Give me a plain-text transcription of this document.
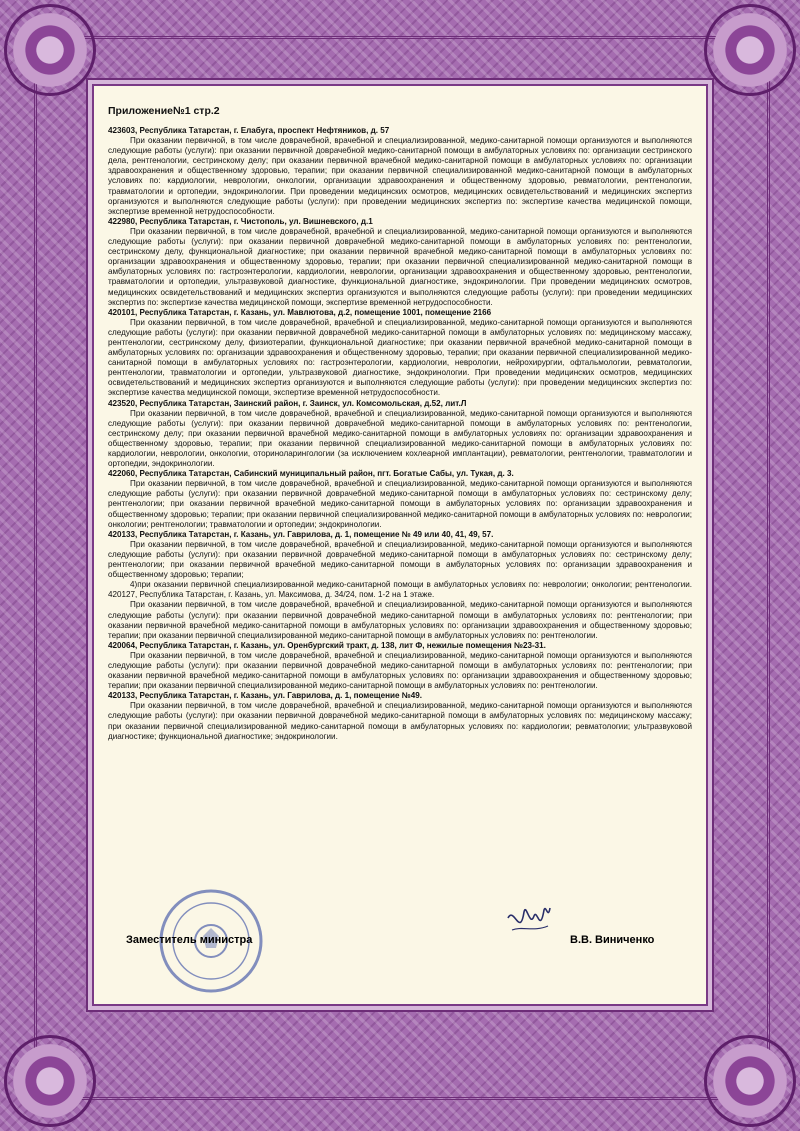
Приложение№1 стр.2

423603, Республика Татарстан, г. Елабуга, проспект Нефтяников, д. 57

При оказании первичной, в том числе доврачебной, врачебной и специализированной, медико-санитарной помощи организуются и выполняются следующие работы (услуги): при оказании первичной доврачебной медико-санитарной помощи в амбулаторных условиях по: организации сестринского дела, рентгенологии, сестринскому делу; при оказании первичной врачебной медико-санитарной помощи в амбулаторных условиях по: организации здравоохранения и общественному здоровью, терапии; при оказании первичной специализированной медико-санитарной помощи в амбулаторных условиях по: кардиологии, неврологии, онкологии, организации здравоохранения и общественному здоровью, ревматологии, рентгенологии, травматологии и ортопедии, эндокринологии. При проведении медицинских осмотров, медицинских освидетельствований и медицинских экспертиз организуются и выполняются следующие работы (услуги): при проведении медицинских экспертиз по: экспертизе качества медицинской помощи, экспертизе временной нетрудоспособности.

422980, Республика Татарстан, г. Чистополь, ул. Вишневского, д.1

При оказании первичной, в том числе доврачебной, врачебной и специализированной, медико-санитарной помощи организуются и выполняются следующие работы (услуги): при оказании первичной доврачебной медико-санитарной помощи в амбулаторных условиях по: рентгенологии, сестринскому делу, функциональной диагностике; при оказании первичной врачебной медико-санитарной помощи в амбулаторных условиях по: организации здравоохранения и общественному здоровью, терапии; при оказании первичной специализированной медико-санитарной помощи в амбулаторных условиях по: гастроэнтерологии, кардиологии, неврологии, организации здравоохранения и общественному здоровью, рентгенологии, травматологии и ортопедии, ультразвуковой диагностике, функциональной диагностике, эндокринологии. При проведении медицинских осмотров, медицинских освидетельствований и медицинских экспертиз организуются и выполняются следующие работы (услуги): при проведении медицинских экспертиз по: экспертизе качества медицинской помощи, экспертизе временной нетрудоспособности.

420101, Республика Татарстан, г. Казань, ул. Мавлютова, д.2, помещение 1001, помещение 2166

При оказании первичной, в том числе доврачебной, врачебной и специализированной, медико-санитарной помощи организуются и выполняются следующие работы (услуги): при оказании первичной доврачебной медико-санитарной помощи в амбулаторных условиях по: медицинскому массажу, рентгенологии, сестринскому делу, физиотерапии, функциональной диагностике; при оказании первичной врачебной медико-санитарной помощи в амбулаторных условиях по: организации здравоохранения и общественному здоровью, терапии; при оказании первичной специализированной медико-санитарной помощи в амбулаторных условиях по: гастроэнтерологии, кардиологии, неврологии, нейрохирургии, офтальмологии, ревматологии, рентгенологии, травматологии и ортопедии, ультразвуковой диагностике, эндокринологии. При проведении медицинских осмотров, медицинских освидетельствований и медицинских экспертиз организуются и выполняются следующие работы (услуги): при проведении медицинских экспертиз по: экспертизе качества медицинской помощи, экспертизе временной нетрудоспособности.

423520, Республика Татарстан, Заинский район, г. Заинск, ул. Комсомольская, д.52, лит.Л

При оказании первичной, в том числе доврачебной, врачебной и специализированной, медико-санитарной помощи организуются и выполняются следующие работы (услуги): при оказании первичной доврачебной медико-санитарной помощи в амбулаторных условиях по: рентгенологии, сестринскому делу; при оказании первичной врачебной медико-санитарной помощи в амбулаторных условиях по: организации здравоохранения и общественному здоровью, терапии; при оказании первичной специализированной медико-санитарной помощи в амбулаторных условиях по: кардиологии, неврологии, онкологии, оториноларингологии (за исключением кохлеарной имплантации), ревматологии, рентгенологии, травматологии и ортопедии, эндокринологии.

422060, Республика Татарстан, Сабинский муниципальный район, пгт. Богатые Сабы, ул. Тукая, д. 3.

При оказании первичной, в том числе доврачебной, врачебной и специализированной, медико-санитарной помощи организуются и выполняются следующие работы (услуги): при оказании первичной доврачебной медико-санитарной помощи в амбулаторных условиях по: сестринскому делу; рентгенологии; при оказании первичной врачебной медико-санитарной помощи в амбулаторных условиях по: организации здравоохранения и общественному здоровью; терапии; при оказании первичной специализированной медико-санитарной помощи в амбулаторных условиях по: неврологии; онкологии; рентгенологии; травматологии и ортопедии; эндокринологии.

420133, Республика Татарстан, г. Казань, ул. Гаврилова, д. 1, помещение № 49 или 40, 41, 49, 57.

При оказании первичной, в том числе доврачебной, врачебной и специализированной, медико-санитарной помощи организуются и выполняются следующие работы (услуги): при оказании первичной доврачебной медико-санитарной помощи в амбулаторных условиях по: сестринскому делу; рентгенологии; при оказании первичной врачебной медико-санитарной помощи в амбулаторных условиях по: организации здравоохранения и общественному здоровью; терапии;

4)при оказании первичной специализированной медико-санитарной помощи в амбулаторных условиях по: неврологии; онкологии; рентгенологии. 420127, Республика Татарстан, г. Казань, ул. Максимова, д. 34/24, пом. 1-2 на 1 этаже.

При оказании первичной, в том числе доврачебной, врачебной и специализированной, медико-санитарной помощи организуются и выполняются следующие работы (услуги): при оказании первичной доврачебной медико-санитарной помощи в амбулаторных условиях по: рентгенологии; при оказании первичной врачебной медико-санитарной помощи в амбулаторных условиях по: организации здравоохранения и общественному здоровью; терапии; при оказании первичной специализированной медико-санитарной помощи в амбулаторных условиях по: рентгенологии.

420064, Республика Татарстан, г. Казань, ул. Оренбургский тракт, д. 138, лит Ф, нежилые помещения №23-31.

При оказании первичной, в том числе доврачебной, врачебной и специализированной, медико-санитарной помощи организуются и выполняются следующие работы (услуги): при оказании первичной доврачебной медико-санитарной помощи в амбулаторных условиях по: рентгенологии; при оказании первичной врачебной медико-санитарной помощи в амбулаторных условиях по: организации здравоохранения и общественному здоровью; терапии; при оказании первичной специализированной медико-санитарной помощи в амбулаторных условиях по: рентгенологии.

420133, Республика Татарстан, г. Казань, ул. Гаврилова, д. 1, помещение №49.

При оказании первичной, в том числе доврачебной, врачебной и специализированной, медико-санитарной помощи организуются и выполняются следующие работы (услуги): при оказании первичной доврачебной медико-санитарной помощи в амбулаторных условиях по: медицинскому массажу; при оказании первичной специализированной медико-санитарной помощи в амбулаторных условиях по: кардиологии; ревматологии; ультразвуковой диагностике; функциональной диагностике; эндокринологии.

Заместитель министра	В.В. Виниченко
